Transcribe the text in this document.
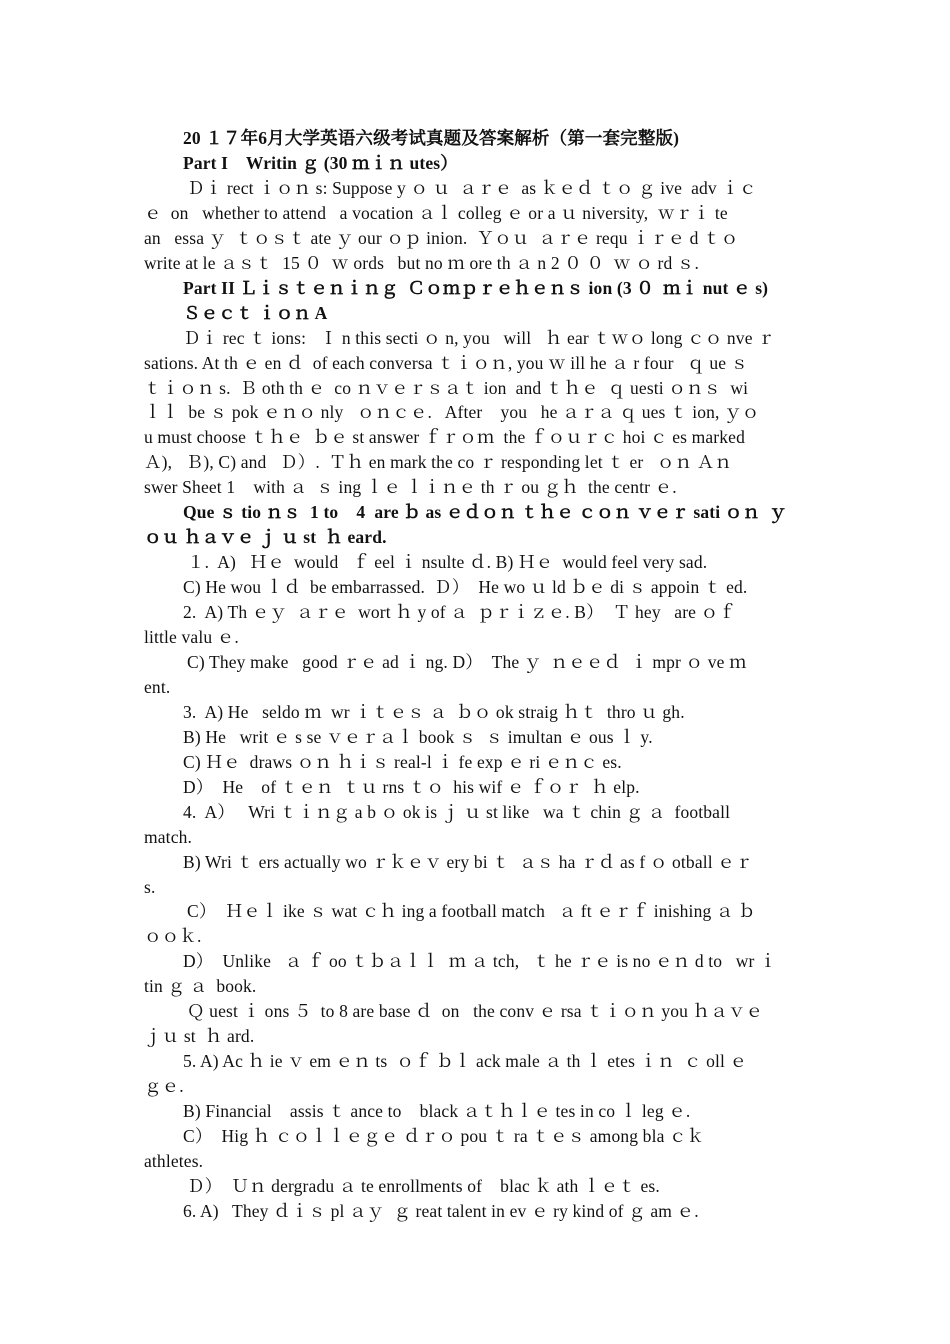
20 １７年6月大学英语六级考试真题及答案解析（第一套完整版)
Part I    Writin ｇ (30 ｍｉｎ utes）
Ｄｉ rect ｉｏｎ s: Suppose y ｏ ｕ  ａｒｅ  as ｋｅｄ ｔｏ ｇ ive  adv ｉｃ
ｅ  on   whether to attend   a vocation ａｌ colleg ｅ or a ｕ niversity,  ｗｒｉ te
an   essa ｙ  ｔｏｓｔ ate ｙ our ｏｐ inion.  Ｙｏｕ  ａｒｅ requ ｉｒｅ d ｔｏ
write at le ａｓｔ  15 ０  ｗ ords   but no ｍ ore th ａ n 2 ０ ０  ｗ ｏ rd ｓ.
Part II Ｌｉｓｔｅｎｉｎｇ  Ｃｏｍｐｒｅｈｅｎｓ ion (3 ０  ｍｉ nut ｅ s)
Ｓｅｃｔ ｉｏｎ A
Ｄｉ rec ｔ ions:   Ｉ n this secti ｏ n, you   will   ｈ ear ｔｗｏ long ｃｏ nve ｒ
sations. At th ｅ en ｄ  of each conversa ｔｉｏｎ, you ｗ ill he ａ r four   ｑ ue ｓ
ｔｉｏｎ s.  Ｂ oth th ｅ  co ｎｖｅｒｓａｔ ion  and ｔｈｅ  ｑ uesti ｏｎｓ  wi
ｌｌ  be ｓ pok ｅｎｏ nly   ｏｎｃｅ.   After    you   he ａｒａ ｑ ues ｔ ion, ｙｏ
u must choose ｔｈｅ  ｂｅ st answer ｆｒｏｍ  the ｆｏｕｒｃ hoi ｃ es marked
Ａ),   Ｂ), C) and   Ｄ）.  Ｔｈ en mark the co ｒ responding let ｔ er   ｏｎ Ａｎ
swer Sheet 1    with ａ  ｓ ing ｌｅ ｌｉｎｅ th ｒ ou ｇｈ  the centr ｅ.
Que ｓ tio ｎｓ  1 to    4  are ｂ as ｅｄｏｎ ｔｈｅ ｃｏｎ ｖｅｒ sati ｏｎ  ｙ
ｏｕ ｈａｖｅ ｊ ｕ st  ｈ eard.
１.  A)   Ｈｅ  would   ｆ eel ｉ nsulte ｄ. B) Ｈｅ  would feel very sad.
C) He wou ｌｄ  be embarrassed.  Ｄ）  He wo ｕ ld ｂｅ di ｓ appoin ｔ ed.
2.  A) Th ｅｙ  ａｒｅ  wort ｈ y of ａ  ｐｒｉｚｅ. B）  Ｔ hey   are ｏｆ
little valu ｅ.
C) They make   good ｒｅ ad ｉ ng. D）  The ｙ  ｎｅｅｄ  ｉ mpr ｏ ve ｍ
ent.
3.  A) He   seldo ｍ  wr ｉｔｅｓ ａ  ｂｏ ok straig ｈｔ  thro ｕ gh.
B) He   writ ｅ s se ｖｅｒａｌ book ｓ  ｓ imultan ｅ ous ｌ y.
C) Ｈｅ  draws ｏｎ ｈｉｓ real-l ｉ fe exp ｅ ri ｅｎｃ es.
D）  He    of ｔｅｎ  ｔｕ rns ｔｏ  his wif ｅ ｆｏｒ  ｈ elp.
4.  A）   Wri ｔｉｎｇ a b ｏ ok is ｊ ｕ st like   wa ｔ chin ｇ ａ  football
match.
B) Wri ｔ ers actually wo ｒｋｅｖ ery bi ｔ  ａｓ ha ｒｄ as f ｏ otball ｅｒ
s.
C）  Ｈｅｌ ike ｓ wat ｃｈ ing a football match   ａ ft ｅｒｆ inishing ａ ｂ
ｏｏｋ.
D）  Unlike   ａ ｆ oo ｔｂａｌｌ  ｍ ａ tch,   ｔ he ｒｅ is no ｅｎ d to   wr ｉ
tin ｇ ａ  book.
Ｑ uest ｉ ons ５  to 8 are base ｄ  on   the conv ｅ rsa ｔｉｏｎ you ｈａｖｅ
ｊｕ st  ｈ ard.
5. A) Ac ｈ ie ｖ em ｅｎ ts  ｏｆ ｂｌ ack male ａ th ｌ etes ｉｎ  ｃ oll ｅ
ｇｅ.
B) Financial    assis ｔ ance to    black ａｔｈｌｅ tes in co ｌ leg ｅ.
C）  Hig ｈ ｃｏｌｌｅｇｅ ｄｒｏ pou ｔ ra ｔｅｓ among bla ｃｋ
athletes.
Ｄ）  Ｕｎ dergradu ａ te enrollments of    blac ｋ ath ｌｅｔ es.
6. A)   They ｄｉｓ pl ａｙ  ｇ reat talent in ev ｅ ry kind of ｇ am ｅ.
